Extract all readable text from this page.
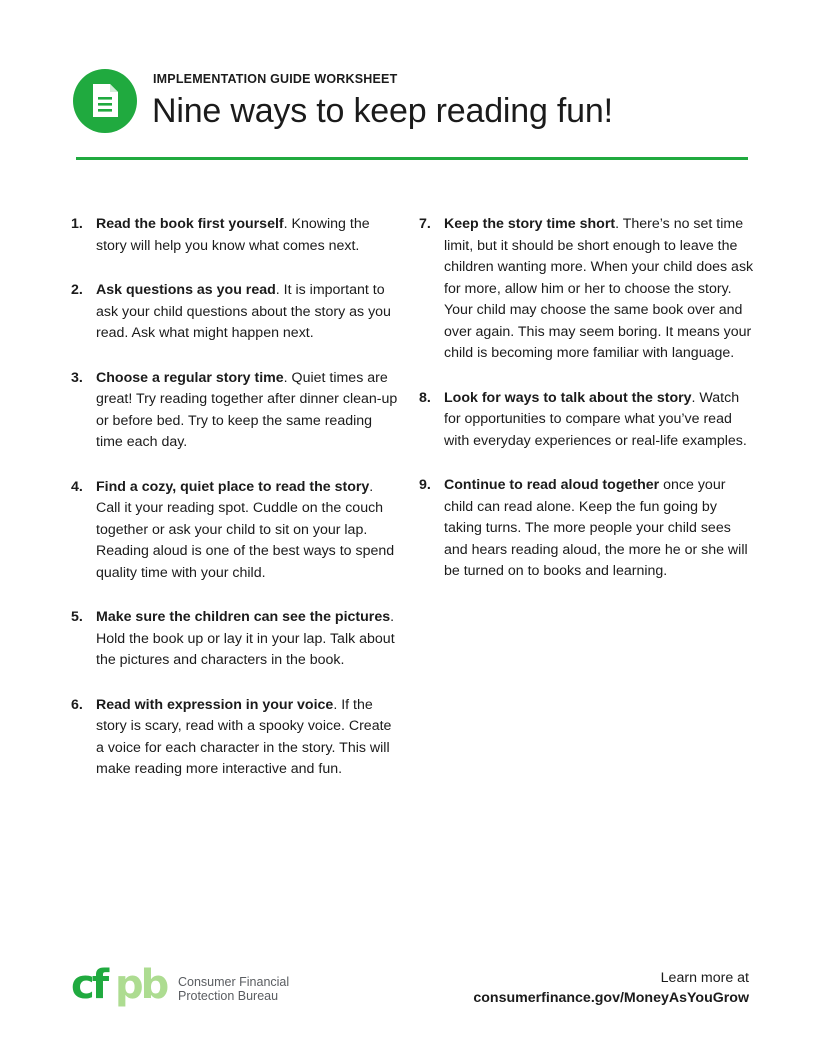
IMPLEMENTATION GUIDE WORKSHEET
Nine ways to keep reading fun!
1. Read the book first yourself. Knowing the story will help you know what comes next.
2. Ask questions as you read. It is important to ask your child questions about the story as you read. Ask what might happen next.
3. Choose a regular story time. Quiet times are great! Try reading together after dinner clean-up or before bed. Try to keep the same reading time each day.
4. Find a cozy, quiet place to read the story. Call it your reading spot. Cuddle on the couch together or ask your child to sit on your lap. Reading aloud is one of the best ways to spend quality time with your child.
5. Make sure the children can see the pictures. Hold the book up or lay it in your lap. Talk about the pictures and characters in the book.
6. Read with expression in your voice. If the story is scary, read with a spooky voice. Create a voice for each character in the story. This will make reading more interactive and fun.
7. Keep the story time short. There’s no set time limit, but it should be short enough to leave the children wanting more. When your child does ask for more, allow him or her to choose the story. Your child may choose the same book over and over again. This may seem boring. It means your child is becoming more familiar with language.
8. Look for ways to talk about the story. Watch for opportunities to compare what you’ve read with everyday experiences or real-life examples.
9. Continue to read aloud together once your child can read alone. Keep the fun going by taking turns. The more people your child sees and hears reading aloud, the more he or she will be turned on to books and learning.
cf pb Consumer Financial
Protection Bureau
Learn more at
consumerfinance.gov/MoneyAsYouGrow
